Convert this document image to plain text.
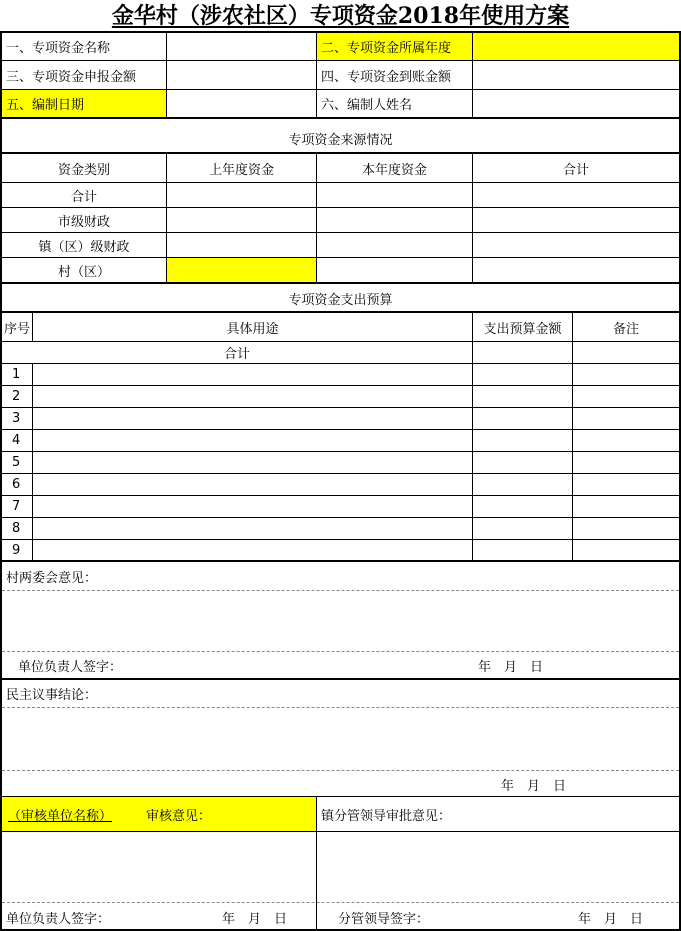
金华村（涉农社区）专项资金2018年使用方案
一、专项资金名称	二、专项资金所属年度
三、专项资金申报金额	四、专项资金到账金额
五、编制日期	六、编制人姓名
专项资金来源情况
资金类别	上年度资金	本年度资金	合计
合计
市级财政
镇（区）级财政
村（区）
专项资金支出预算
序号	具体用途	支出预算金额	备注
合计
1
2
3
4
5
6
7
8
9
村两委会意见：
单位负责人签字：	年　月　日
民主议事结论：
年　月　日
（审核单位名称）	审核意见：	镇分管领导审批意见：
单位负责人签字：	年　月　日	分管领导签字：	年　月　日
